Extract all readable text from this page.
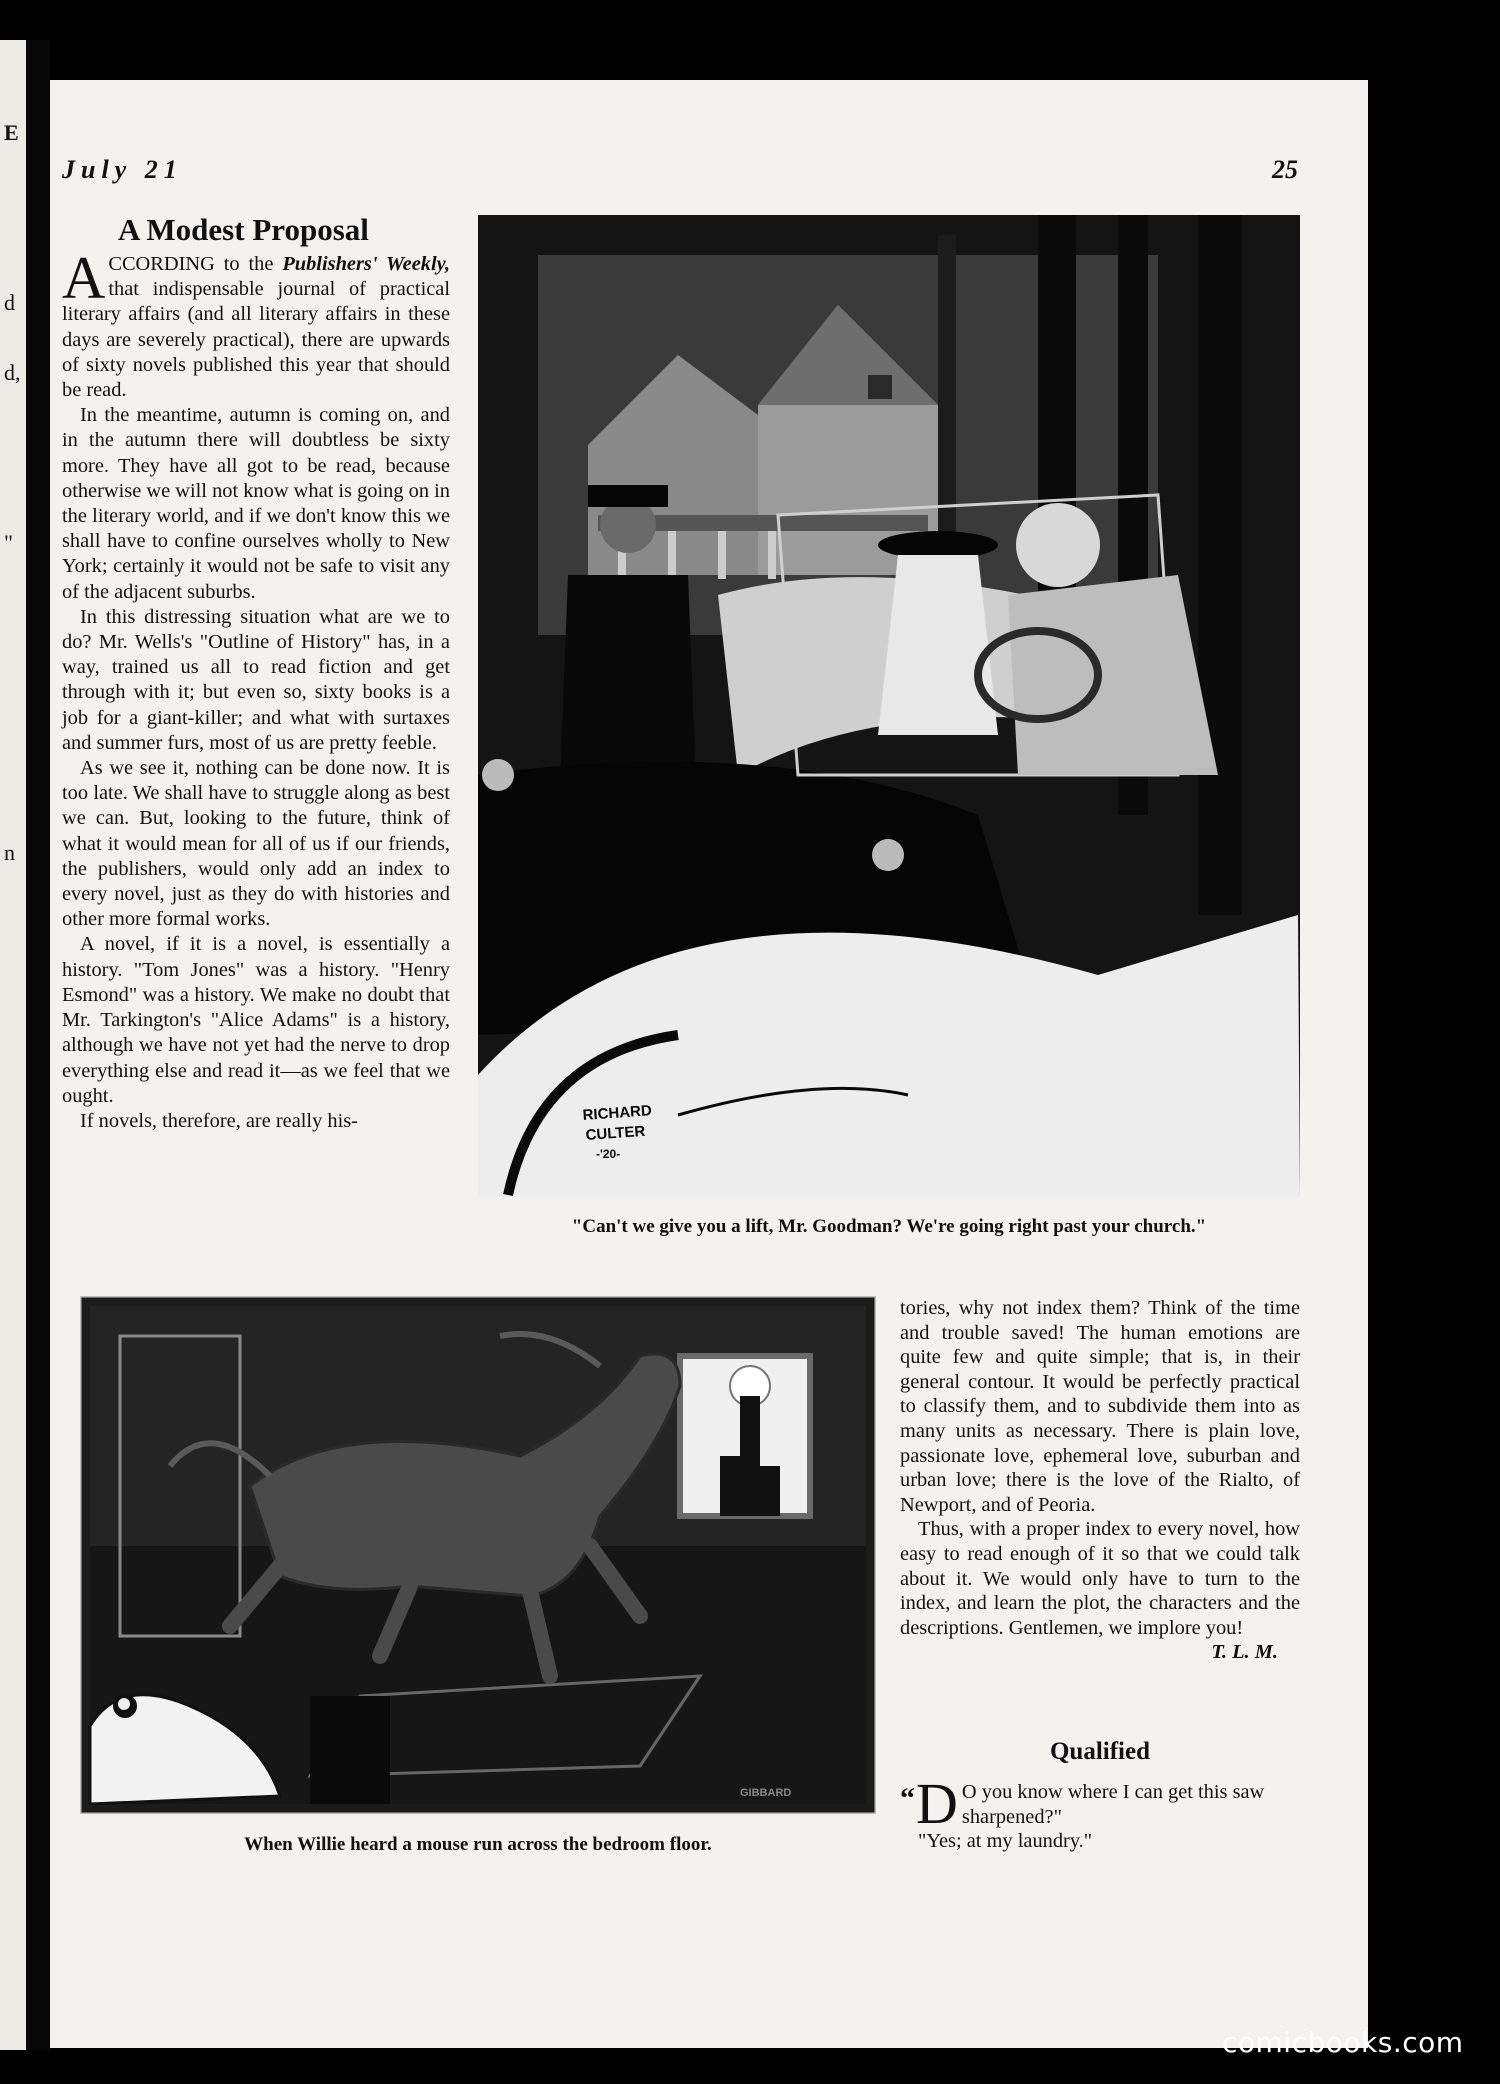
E
d
d,
"
n
July 21	25
A Modest Proposal

ACCORDING to the Publishers' Weekly, that indispensable journal of practical literary affairs (and all literary affairs in these days are severely practical), there are upwards of sixty novels published this year that should be read.

In the meantime, autumn is coming on, and in the autumn there will doubtless be sixty more. They have all got to be read, because otherwise we will not know what is going on in the literary world, and if we don't know this we shall have to confine ourselves wholly to New York; certainly it would not be safe to visit any of the adjacent suburbs.

In this distressing situation what are we to do? Mr. Wells's "Outline of History" has, in a way, trained us all to read fiction and get through with it; but even so, sixty books is a job for a giant-killer; and what with surtaxes and summer furs, most of us are pretty feeble.

As we see it, nothing can be done now. It is too late. We shall have to struggle along as best we can. But, looking to the future, think of what it would mean for all of us if our friends, the publishers, would only add an index to every novel, just as they do with histories and other more formal works.

A novel, if it is a novel, is essentially a history. "Tom Jones" was a history. "Henry Esmond" was a history. We make no doubt that Mr. Tarkington's "Alice Adams" is a history, although we have not yet had the nerve to drop everything else and read it—as we feel that we ought.

If novels, therefore, are really his-	RICHARD
CULTER
-'20-
"Can't we give you a lift, Mr. Goodman? We're going right past your church."
GIBBARD
When Willie heard a mouse run across the bedroom floor.

tories, why not index them? Think of the time and trouble saved! The human emotions are quite few and quite simple; that is, in their general contour. It would be perfectly practical to classify them, and to subdivide them into as many units as necessary. There is plain love, passionate love, ephemeral love, suburban and urban love; there is the love of the Rialto, of Newport, and of Peoria.

Thus, with a proper index to every novel, how easy to read enough of it so that we could talk about it. We would only have to turn to the index, and learn the plot, the characters and the descriptions. Gentlemen, we implore you!

T. L. M.
Qualified
“ D O you know where I can get this saw sharpened?"

"Yes; at my laundry."

comicbooks.com
